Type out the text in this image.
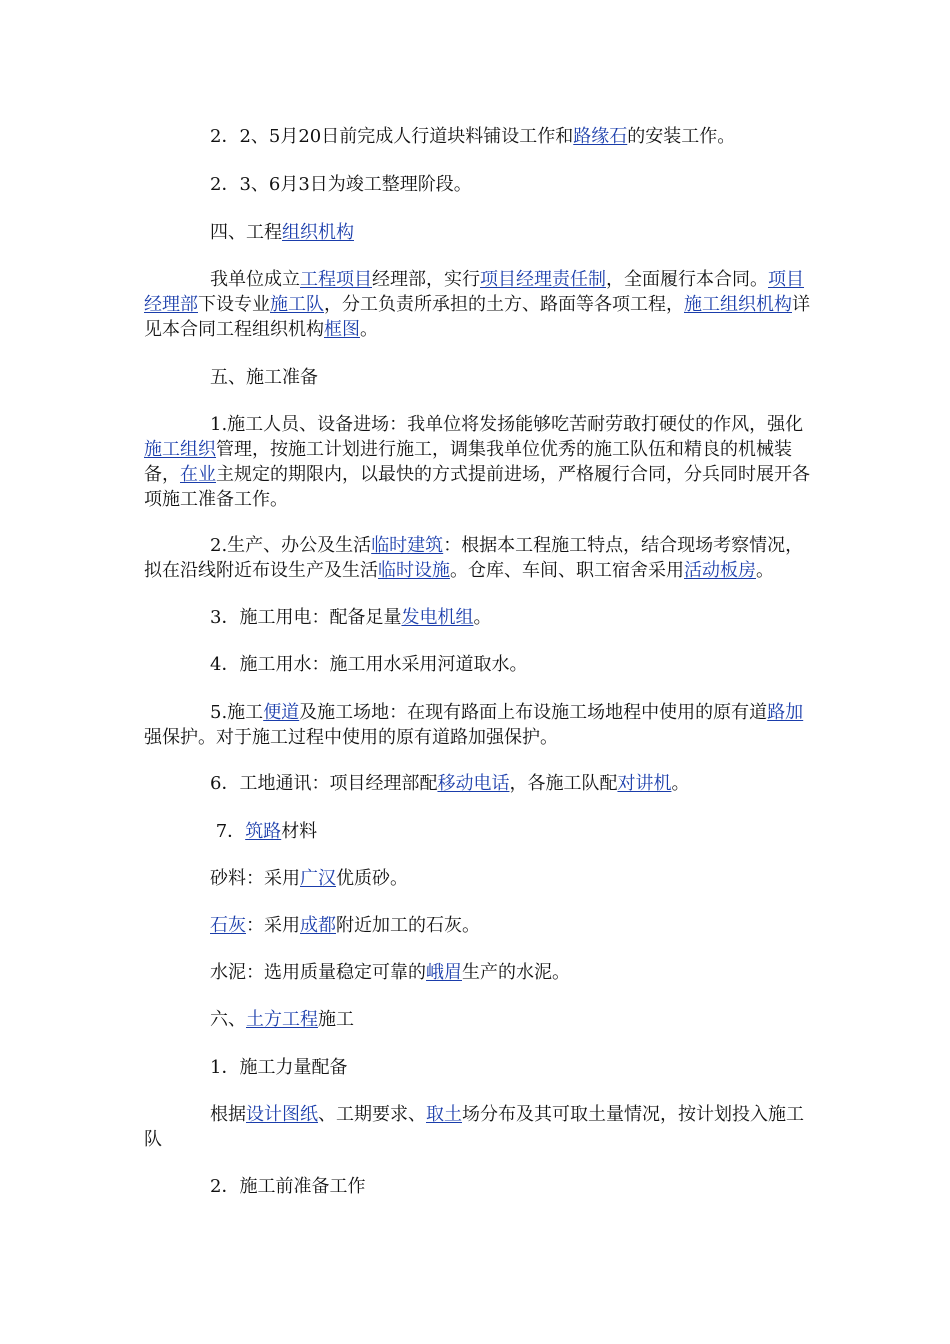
2．2、5月20日前完成人行道块料铺设工作和路缘石的安装工作。

2．3、6月3日为竣工整理阶段。

四、工程组织机构

我单位成立工程项目经理部，实行项目经理责任制，全面履行本合同。项目经理部下设专业施工队，分工负责所承担的土方、路面等各项工程，施工组织机构详见本合同工程组织机构框图。

五、施工准备

1.施工人员、设备进场：我单位将发扬能够吃苦耐劳敢打硬仗的作风，强化施工组织管理，按施工计划进行施工，调集我单位优秀的施工队伍和精良的机械装备，在业主规定的期限内，以最快的方式提前进场，严格履行合同，分兵同时展开各项施工准备工作。

2.生产、办公及生活临时建筑：根据本工程施工特点，结合现场考察情况，拟在沿线附近布设生产及生活临时设施。仓库、车间、职工宿舍采用活动板房。

3．施工用电：配备足量发电机组。

4．施工用水：施工用水采用河道取水。

5.施工便道及施工场地：在现有路面上布设施工场地程中使用的原有道路加强保护。对于施工过程中使用的原有道路加强保护。

6．工地通讯：项目经理部配移动电话，各施工队配对讲机。

7．筑路材料

砂料：采用广汉优质砂。

石灰：采用成都附近加工的石灰。

水泥：选用质量稳定可靠的峨眉生产的水泥。

六、土方工程施工

1．施工力量配备

根据设计图纸、工期要求、取土场分布及其可取土量情况，按计划投入施工队

2．施工前准备工作
